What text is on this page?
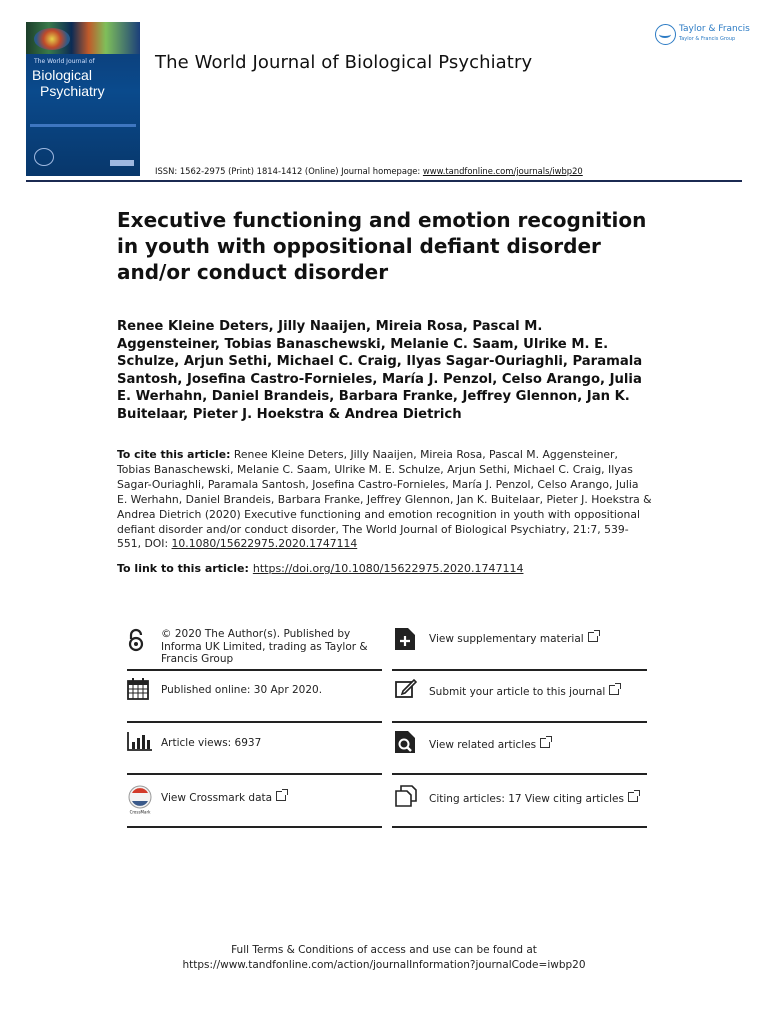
The World Journal of
Biological
Psychiatry
The World Journal of Biological Psychiatry
Taylor & Francis
Taylor & Francis Group
ISSN: 1562-2975 (Print) 1814-1412 (Online) Journal homepage: www.tandfonline.com/journals/iwbp20
Executive functioning and emotion recognition in youth with oppositional defiant disorder and/or conduct disorder
Renee Kleine Deters, Jilly Naaijen, Mireia Rosa, Pascal M. Aggensteiner, Tobias Banaschewski, Melanie C. Saam, Ulrike M. E. Schulze, Arjun Sethi, Michael C. Craig, Ilyas Sagar-Ouriaghli, Paramala Santosh, Josefina Castro-Fornieles, María J. Penzol, Celso Arango, Julia E. Werhahn, Daniel Brandeis, Barbara Franke, Jeffrey Glennon, Jan K. Buitelaar, Pieter J. Hoekstra & Andrea Dietrich
To cite this article: Renee Kleine Deters, Jilly Naaijen, Mireia Rosa, Pascal M. Aggensteiner, Tobias Banaschewski, Melanie C. Saam, Ulrike M. E. Schulze, Arjun Sethi, Michael C. Craig, Ilyas Sagar-Ouriaghli, Paramala Santosh, Josefina Castro-Fornieles, María J. Penzol, Celso Arango, Julia E. Werhahn, Daniel Brandeis, Barbara Franke, Jeffrey Glennon, Jan K. Buitelaar, Pieter J. Hoekstra & Andrea Dietrich (2020) Executive functioning and emotion recognition in youth with oppositional defiant disorder and/or conduct disorder, The World Journal of Biological Psychiatry, 21:7, 539-551, DOI: 10.1080/15622975.2020.1747114
To link to this article: https://doi.org/10.1080/15622975.2020.1747114
© 2020 The Author(s). Published by Informa UK Limited, trading as Taylor & Francis Group
View supplementary material
Published online: 30 Apr 2020.	Submit your article to this journal
Article views: 6937	View related articles
CrossMark
View Crossmark data	Citing articles: 17 View citing articles
Full Terms & Conditions of access and use can be found at
https://www.tandfonline.com/action/journalInformation?journalCode=iwbp20
